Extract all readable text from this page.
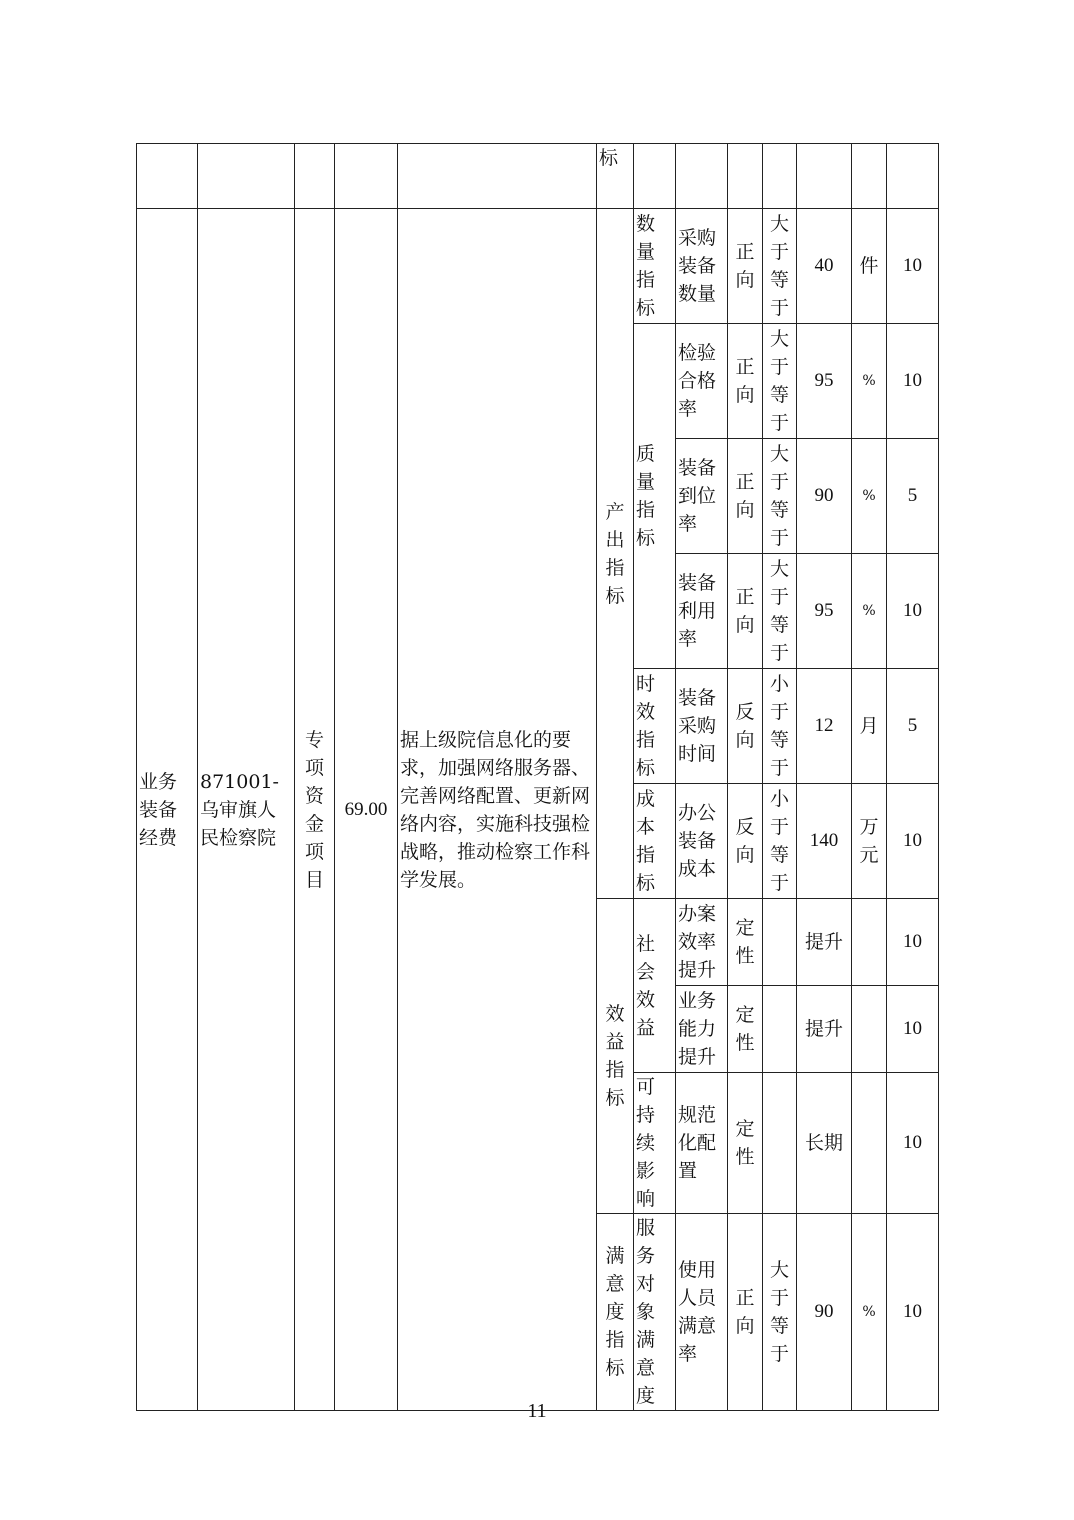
					标							
业务装备经费	871001-乌审旗人民检察院	专项资金项目	69.00	据上级院信息化的要求，加强网络服务器、完善网络配置、更新网络内容，实施科技强检战略，推动检察工作科学发展。	产出指标	数量指标	采购装备数量	正向	大于等于	40	件	10
						质量指标	检验合格率	正向	大于等于	95	%	10
							装备到位率	正向	大于等于	90	%	5
							装备利用率	正向	大于等于	95	%	10
						时效指标	装备采购时间	反向	小于等于	12	月	5
						成本指标	办公装备成本	反向	小于等于	140	万元	10

					效益指标	社会效益	办案效率提升	定性		提升		10
							业务能力提升	定性		提升		10
						可持续影响	规范化配置	定性		长期		10

					满意度指标	服务对象满意度	使用人员满意率	正向	大于等于	90	%	10
11
